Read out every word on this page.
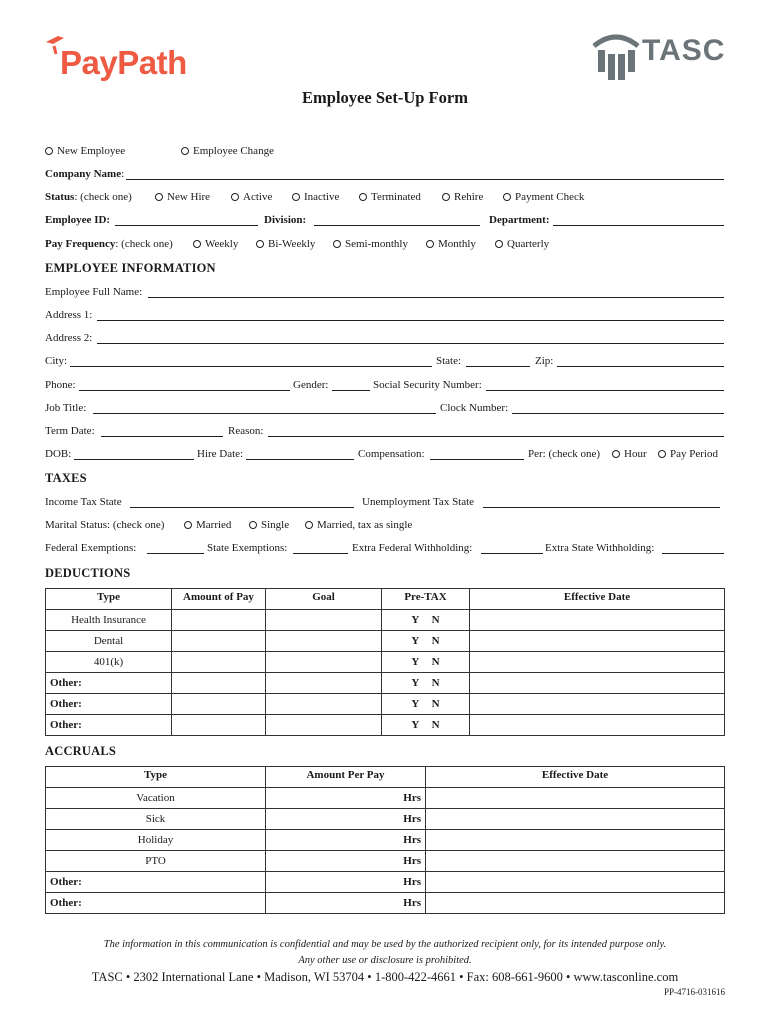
PayPath	TASC
Employee Set-Up Form
New Employee	Employee Change
Company Name:
Status: (check one)	New Hire	Active	Inactive	Terminated	Rehire	Payment Check
Employee ID:	Division:	Department:
Pay Frequency: (check one)	Weekly	Bi-Weekly	Semi-monthly	Monthly	Quarterly
EMPLOYEE INFORMATION
Employee Full Name:
Address 1:
Address 2:
City:	State:	Zip:
Phone:	Gender:	Social Security Number:
Job Title:	Clock Number:
Term Date:	Reason:
DOB:	Hire Date:	Compensation:	Per: (check one)	Hour	Pay Period
TAXES
Income Tax State	Unemployment Tax State
Marital Status: (check one)	Married	Single	Married, tax as single
Federal Exemptions:	State Exemptions:	Extra Federal Withholding:	Extra State Withholding:
DEDUCTIONS
Type	Amount of Pay	Goal	Pre-TAX	Effective Date
Health Insurance			Y N	
Dental			Y N	
401(k)			Y N	
Other:			Y N	
Other:			Y N	
Other:			Y N	
ACCRUALS
Type	Amount Per Pay	Effective Date
Vacation	Hrs	
Sick	Hrs	
Holiday	Hrs	
PTO	Hrs	
Other:	Hrs	
Other:	Hrs	
The information in this communication is confidential and may be used by the authorized recipient only, for its intended purpose only.
Any other use or disclosure is prohibited.
TASC • 2302 International Lane • Madison, WI 53704 • 1-800-422-4661 • Fax: 608-661-9600 • www.tasconline.com
PP-4716-031616
